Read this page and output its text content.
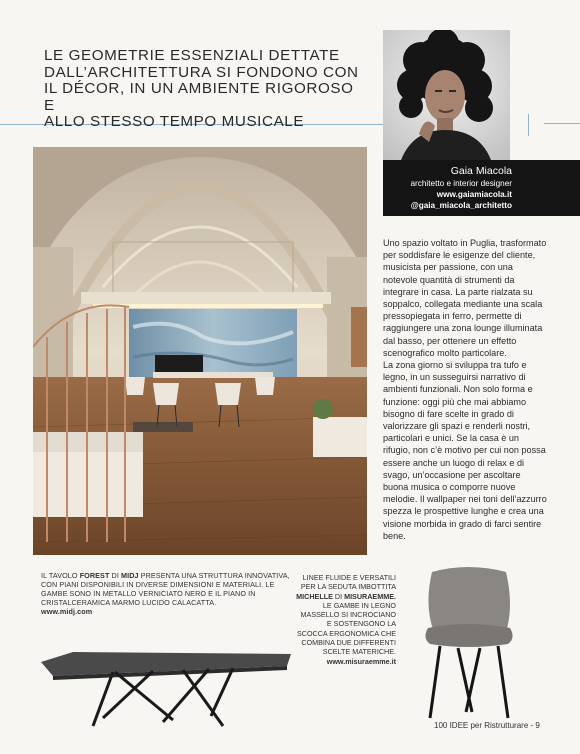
LE GEOMETRIE ESSENZIALI DETTATE
DALL’ARCHITETTURA SI FONDONO CON
IL DÉCOR, IN UN AMBIENTE RIGOROSO E
ALLO STESSO TEMPO MUSICALE
Gaia Miacola
architetto e interior designer
www.gaiamiacola.it
@gaia_miacola_architetto

Uno spazio voltato in Puglia, trasformato per soddisfare le esigenze del cliente, musicista per passione, con una notevole quantità di strumenti da integrare in casa. La parte rialzata su soppalco, collegata mediante una scala pressopiegata in ferro, permette di raggiungere una zona lounge illuminata dal basso, per ottenere un effetto scenografico molto particolare.

La zona giorno si sviluppa tra tufo e legno, in un susseguirsi narrativo di ambienti funzionali. Non solo forma e funzione: oggi più che mai abbiamo bisogno di fare scelte in grado di valorizzare gli spazi e renderli nostri, particolari e unici. Se la casa è un rifugio, non c’è motivo per cui non possa essere anche un luogo di relax e di svago, un’occasione per ascoltare buona musica o comporre nuove melodie. Il wallpaper nei toni dell’azzurro spezza le prospettive lunghe e crea una visione morbida in grado di farci sentire bene.

IL TAVOLO FOREST DI MIDJ PRESENTA UNA STRUTTURA INNOVATIVA, CON PIANI DISPONIBILI IN DIVERSE DIMENSIONI E MATERIALI. LE GAMBE SONO IN METALLO VERNICIATO NERO E IL PIANO IN CRISTALCERAMICA MARMO LUCIDO CALACATTA.
www.midj.com
LINEE FLUIDE E VERSATILI PER LA SEDUTA IMBOTTITA MICHELLE DI MISURAEMME. LE GAMBE IN LEGNO MASSELLO SI INCROCIANO E SOSTENGONO LA SCOCCA ERGONOMICA CHE COMBINA DUE DIFFERENTI SCELTE MATERICHE.
www.misuraemme.it
100 IDEE per Ristrutturare - 9
